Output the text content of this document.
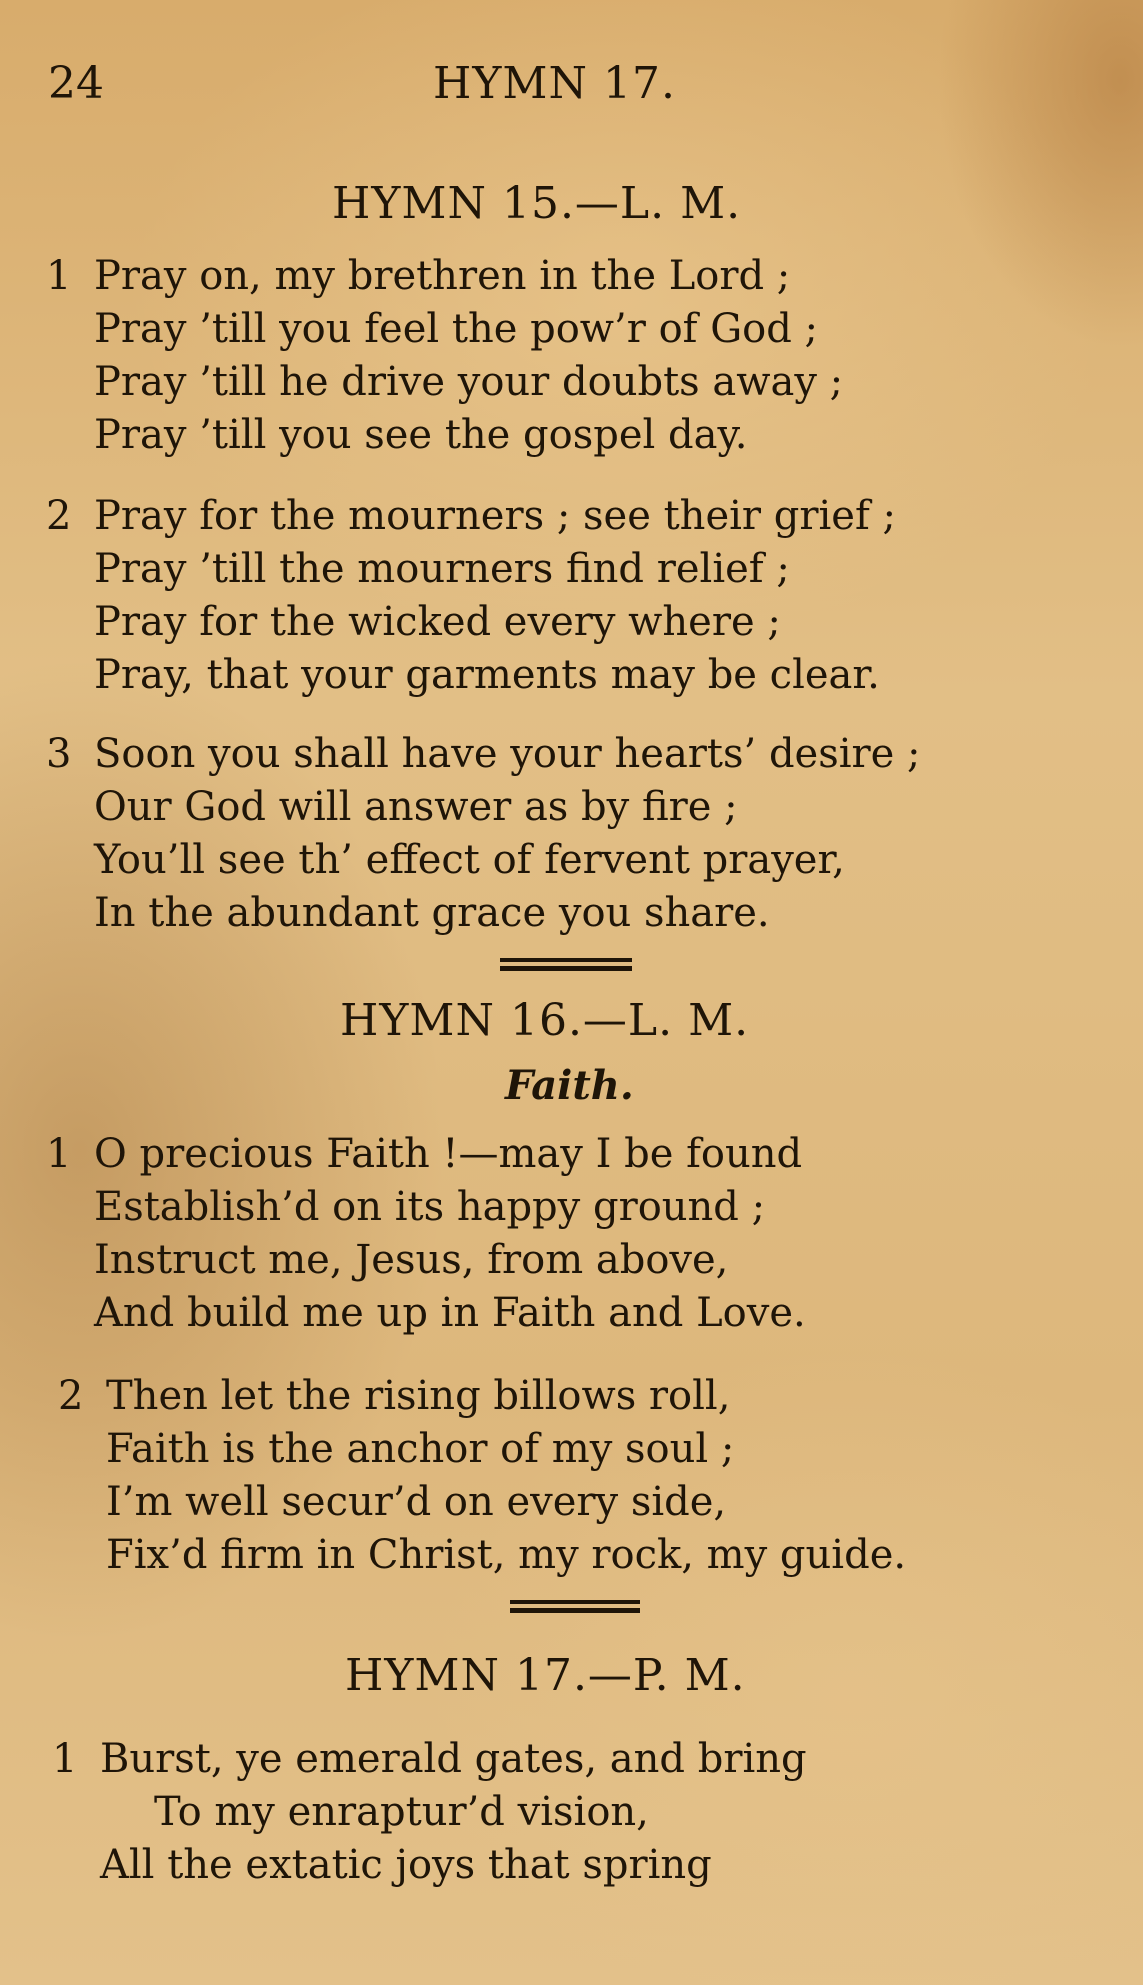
24	HYMN 17.
HYMN 15.—L. M.
1 Pray on, my brethren in the Lord ;
Pray ’till you feel the pow’r of God ;
Pray ’till he drive your doubts away ;
Pray ’till you see the gospel day.
2 Pray for the mourners ; see their grief ;
Pray ’till the mourners find relief ;
Pray for the wicked every where ;
Pray, that your garments may be clear.
3 Soon you shall have your hearts’ desire ;
Our God will answer as by fire ;
You’ll see th’ effect of fervent prayer,
In the abundant grace you share.
HYMN 16.—L. M.
Faith.
1 O precious Faith !—may I be found
Establish’d on its happy ground ;
Instruct me, Jesus, from above,
And build me up in Faith and Love.
2 Then let the rising billows roll,
Faith is the anchor of my soul ;
I’m well secur’d on every side,
Fix’d firm in Christ, my rock, my guide.
HYMN 17.—P. M.
1 Burst, ye emerald gates, and bring
To my enraptur’d vision,
All the extatic joys that spring
